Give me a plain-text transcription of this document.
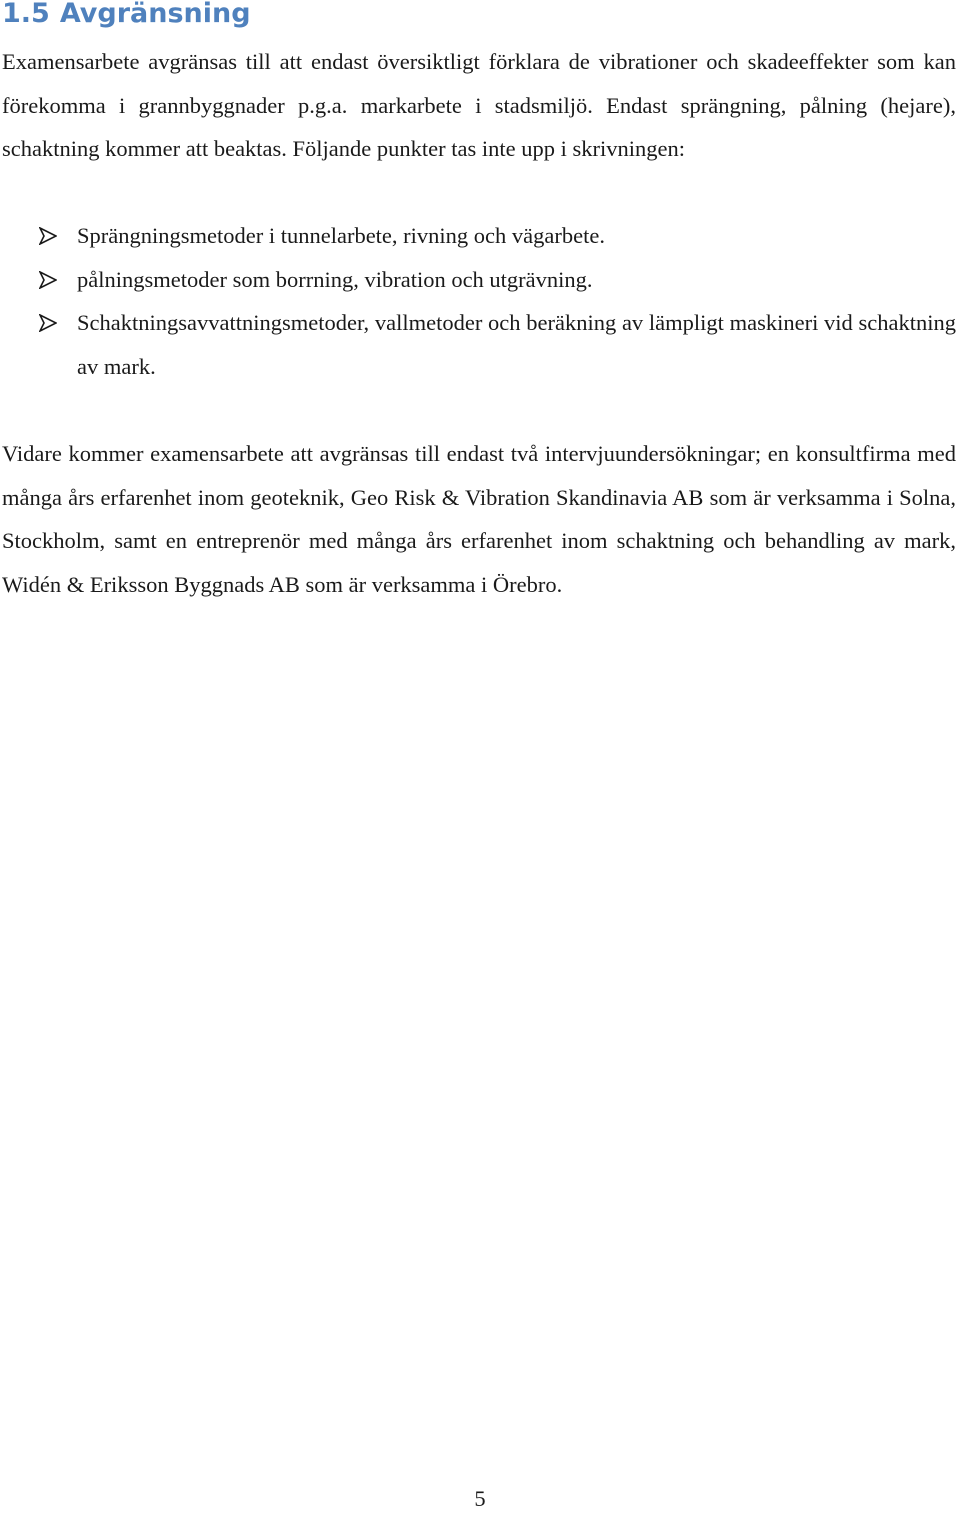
1.5 Avgränsning

Examensarbete avgränsas till att endast översiktligt förklara de vibrationer och skadeeffekter som kan förekomma i grannbyggnader p.g.a. markarbete i stadsmiljö. Endast sprängning, pålning (hejare), schaktning kommer att beaktas. Följande punkter tas inte upp i skrivningen:

Sprängningsmetoder i tunnelarbete, rivning och vägarbete.
pålningsmetoder som borrning, vibration och utgrävning.
Schaktningsavvattningsmetoder, vallmetoder och beräkning av lämpligt maskineri vid schaktning av mark.

Vidare kommer examensarbete att avgränsas till endast två intervjuundersökningar; en konsultfirma med många års erfarenhet inom geoteknik, Geo Risk & Vibration Skandinavia AB som är verksamma i Solna, Stockholm, samt en entreprenör med många års erfarenhet inom schaktning och behandling av mark, Widén & Eriksson Byggnads AB som är verksamma i Örebro.

5
